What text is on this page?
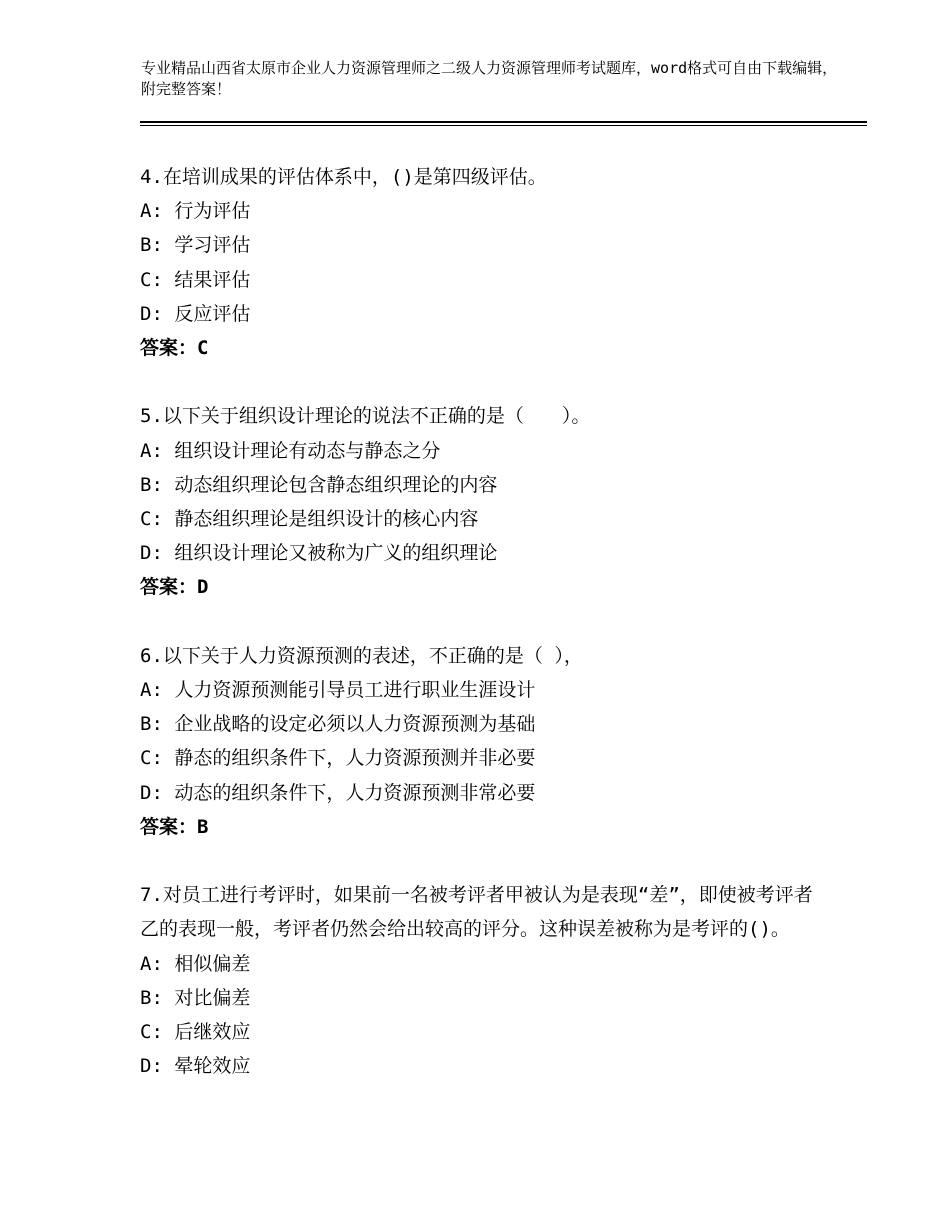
专业精品山西省太原市企业人力资源管理师之二级人力资源管理师考试题库，word格式可自由下载编辑，附完整答案！
4.在培训成果的评估体系中，()是第四级评估。
A: 行为评估
B: 学习评估
C: 结果评估
D: 反应评估
答案：C
5.以下关于组织设计理论的说法不正确的是（　　）。
A: 组织设计理论有动态与静态之分
B: 动态组织理论包含静态组织理论的内容
C: 静态组织理论是组织设计的核心内容
D: 组织设计理论又被称为广义的组织理论
答案：D
6.以下关于人力资源预测的表述，不正确的是（ ），
A: 人力资源预测能引导员工进行职业生涯设计
B: 企业战略的设定必须以人力资源预测为基础
C: 静态的组织条件下，人力资源预测并非必要
D: 动态的组织条件下，人力资源预测非常必要
答案：B
7.对员工进行考评时，如果前一名被考评者甲被认为是表现“差”，即使被考评者乙的表现一般，考评者仍然会给出较高的评分。这种误差被称为是考评的()。
A: 相似偏差
B: 对比偏差
C: 后继效应
D: 晕轮效应
